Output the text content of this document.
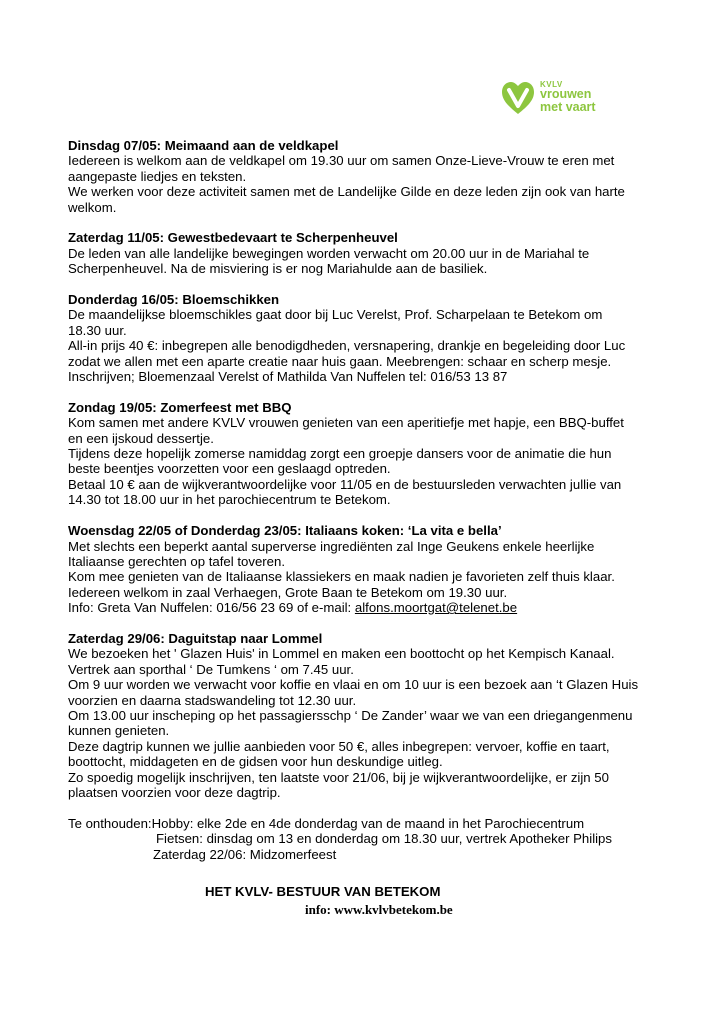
KVLV
vrouwen
met vaart
Dinsdag 07/05: Meimaand aan de veldkapel
Iedereen is welkom aan de veldkapel om 19.30 uur om samen Onze-Lieve-Vrouw te eren met
aangepaste liedjes en teksten.
We werken voor deze activiteit samen met de Landelijke Gilde en deze leden zijn ook van harte
welkom.
Zaterdag 11/05: Gewestbedevaart te Scherpenheuvel
De leden van alle landelijke bewegingen worden verwacht om 20.00 uur in de Mariahal te
Scherpenheuvel. Na de misviering is er nog Mariahulde aan de basiliek.
Donderdag 16/05: Bloemschikken
De maandelijkse bloemschikles gaat door bij Luc Verelst, Prof. Scharpelaan te Betekom om
18.30 uur.
All-in prijs 40 €: inbegrepen alle benodigdheden, versnapering, drankje en begeleiding door Luc
zodat we allen met een aparte creatie naar huis gaan. Meebrengen: schaar en scherp mesje.
Inschrijven; Bloemenzaal Verelst of Mathilda Van Nuffelen tel: 016/53 13 87
Zondag 19/05: Zomerfeest met BBQ
Kom samen met andere KVLV vrouwen genieten van een aperitiefje met hapje, een BBQ-buffet
en een ijskoud dessertje.
Tijdens deze hopelijk zomerse namiddag zorgt een groepje dansers voor de animatie die hun
beste beentjes voorzetten voor een geslaagd optreden.
Betaal 10 € aan de wijkverantwoordelijke voor 11/05 en de bestuursleden verwachten jullie van
14.30 tot 18.00 uur in het parochiecentrum te Betekom.
Woensdag 22/05 of Donderdag 23/05: Italiaans koken: ‘La vita e bella’
Met slechts een beperkt aantal superverse ingrediënten zal Inge Geukens enkele heerlijke
Italiaanse gerechten op tafel toveren.
Kom mee genieten van de Italiaanse klassiekers en maak nadien je favorieten zelf thuis klaar.
Iedereen welkom in zaal Verhaegen, Grote Baan te Betekom om 19.30 uur.
Info: Greta Van Nuffelen: 016/56 23 69 of e-mail: alfons.moortgat@telenet.be
Zaterdag 29/06: Daguitstap naar Lommel
We bezoeken het ' Glazen Huis' in Lommel en maken een boottocht op het Kempisch Kanaal.
Vertrek aan sporthal ‘ De Tumkens ‘ om 7.45 uur.
Om 9 uur worden we verwacht voor koffie en vlaai en om 10 uur is een bezoek aan ‘t Glazen Huis
voorzien en daarna stadswandeling tot 12.30 uur.
Om 13.00 uur inscheping op het passagiersschp ‘ De Zander’ waar we van een driegangenmenu
kunnen genieten.
Deze dagtrip kunnen we jullie aanbieden voor 50 €, alles inbegrepen: vervoer, koffie en taart,
boottocht, middageten en de gidsen voor hun deskundige uitleg.
Zo spoedig mogelijk inschrijven, ten laatste voor 21/06, bij je wijkverantwoordelijke, er zijn 50
plaatsen voorzien voor deze dagtrip.
Te onthouden:Hobby: elke 2de en 4de donderdag van de maand in het Parochiecentrum
Fietsen: dinsdag om 13 en donderdag om 18.30 uur, vertrek Apotheker Philips
Zaterdag 22/06: Midzomerfeest
HET KVLV- BESTUUR VAN BETEKOM
info: www.kvlvbetekom.be
